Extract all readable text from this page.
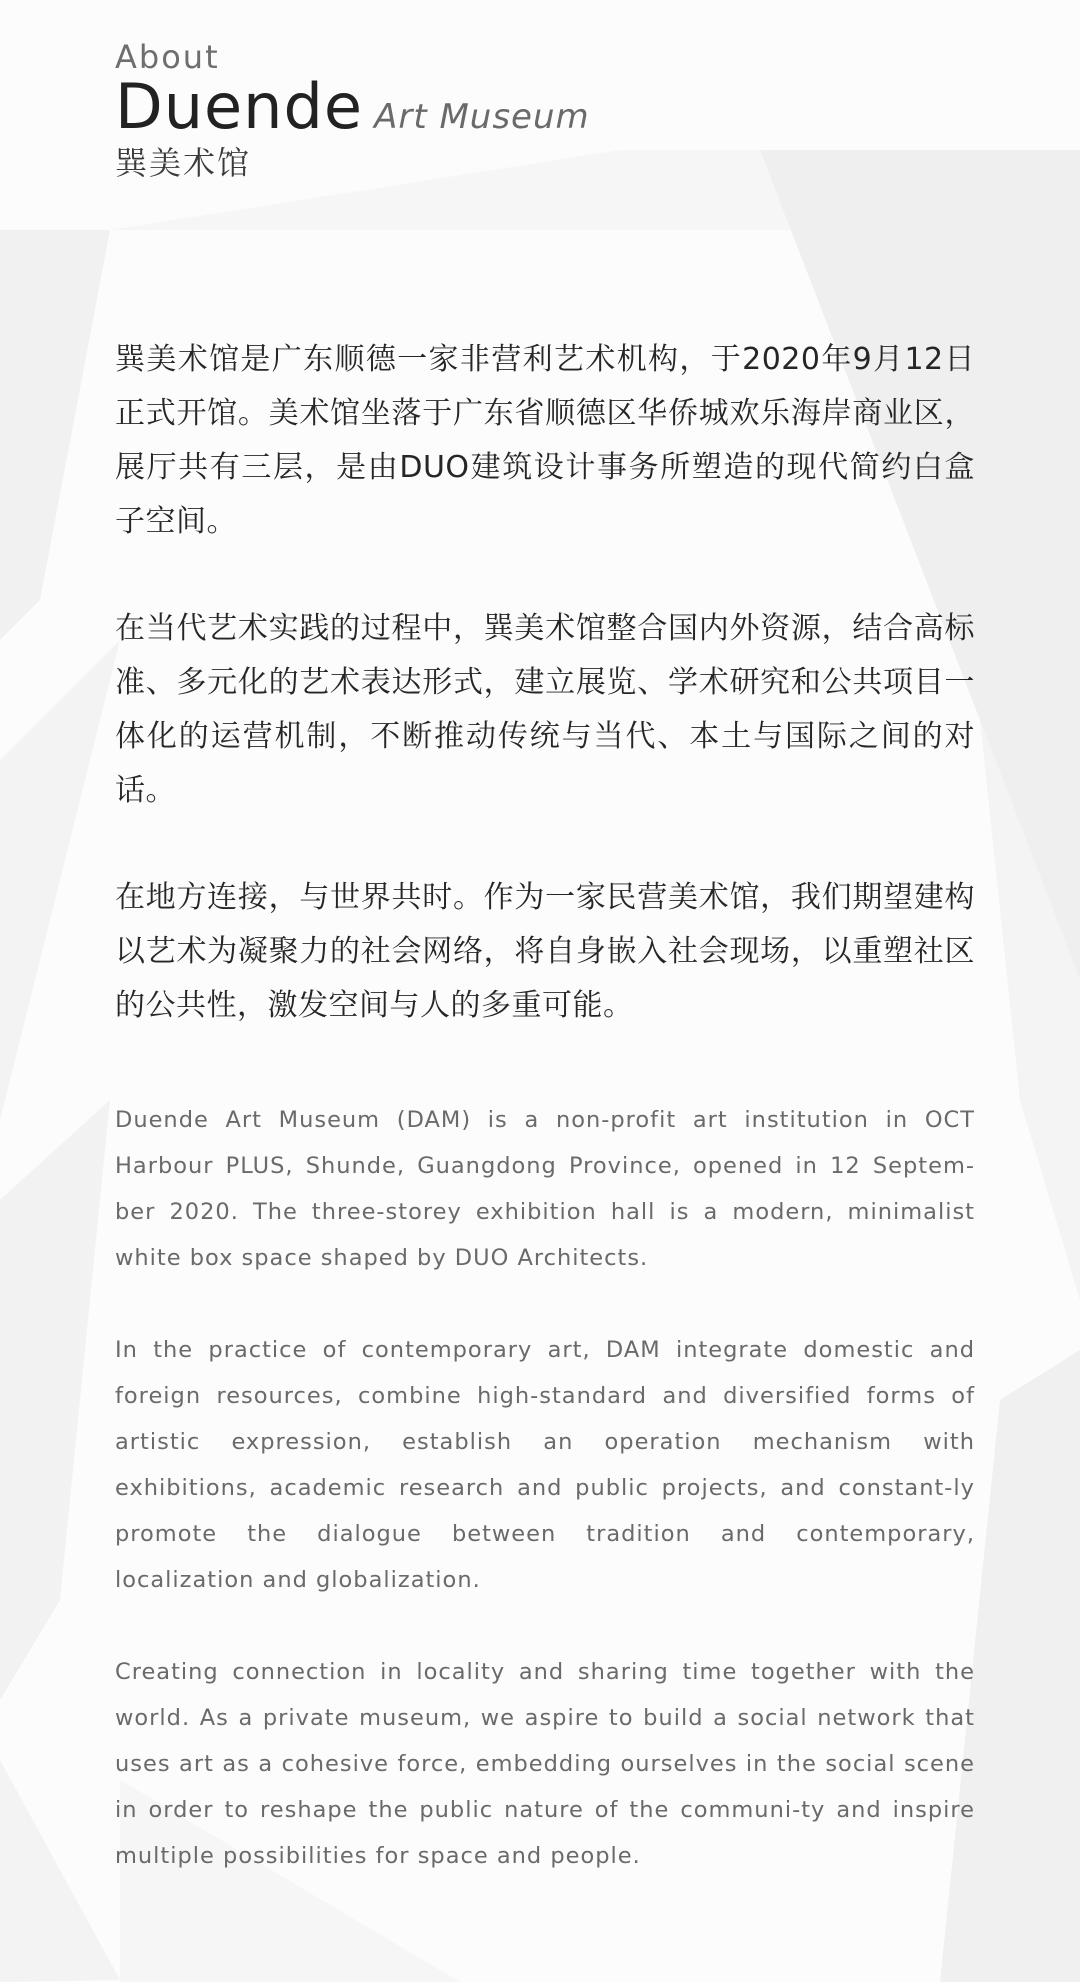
About
Duende Art Museum
巽美术馆

巽美术馆是广东顺德一家非营利艺术机构，于2020年9月12日正式开馆。美术馆坐落于广东省顺德区华侨城欢乐海岸商业区，展厅共有三层，是由DUO建筑设计事务所塑造的现代简约白盒子空间。

在当代艺术实践的过程中，巽美术馆整合国内外资源，结合高标准、多元化的艺术表达形式，建立展览、学术研究和公共项目一体化的运营机制，不断推动传统与当代、本土与国际之间的对话。

在地方连接，与世界共时。作为一家民营美术馆，我们期望建构以艺术为凝聚力的社会网络，将自身嵌入社会现场，以重塑社区的公共性，激发空间与人的多重可能。

Duende Art Museum (DAM) is a non-profit art institution in OCT Harbour PLUS, Shunde, Guangdong Province, opened in 12 Septem-ber 2020. The three-storey exhibition hall is a modern, minimalist white box space shaped by DUO Architects.

In the practice of contemporary art, DAM integrate domestic and foreign resources, combine high-standard and diversified forms of artistic expression, establish an operation mechanism with exhibitions, academic research and public projects, and constant-ly promote the dialogue between tradition and contemporary, localization and globalization.

Creating connection in locality and sharing time together with the world. As a private museum, we aspire to build a social network that uses art as a cohesive force, embedding ourselves in the social scene in order to reshape the public nature of the communi-ty and inspire multiple possibilities for space and people.
